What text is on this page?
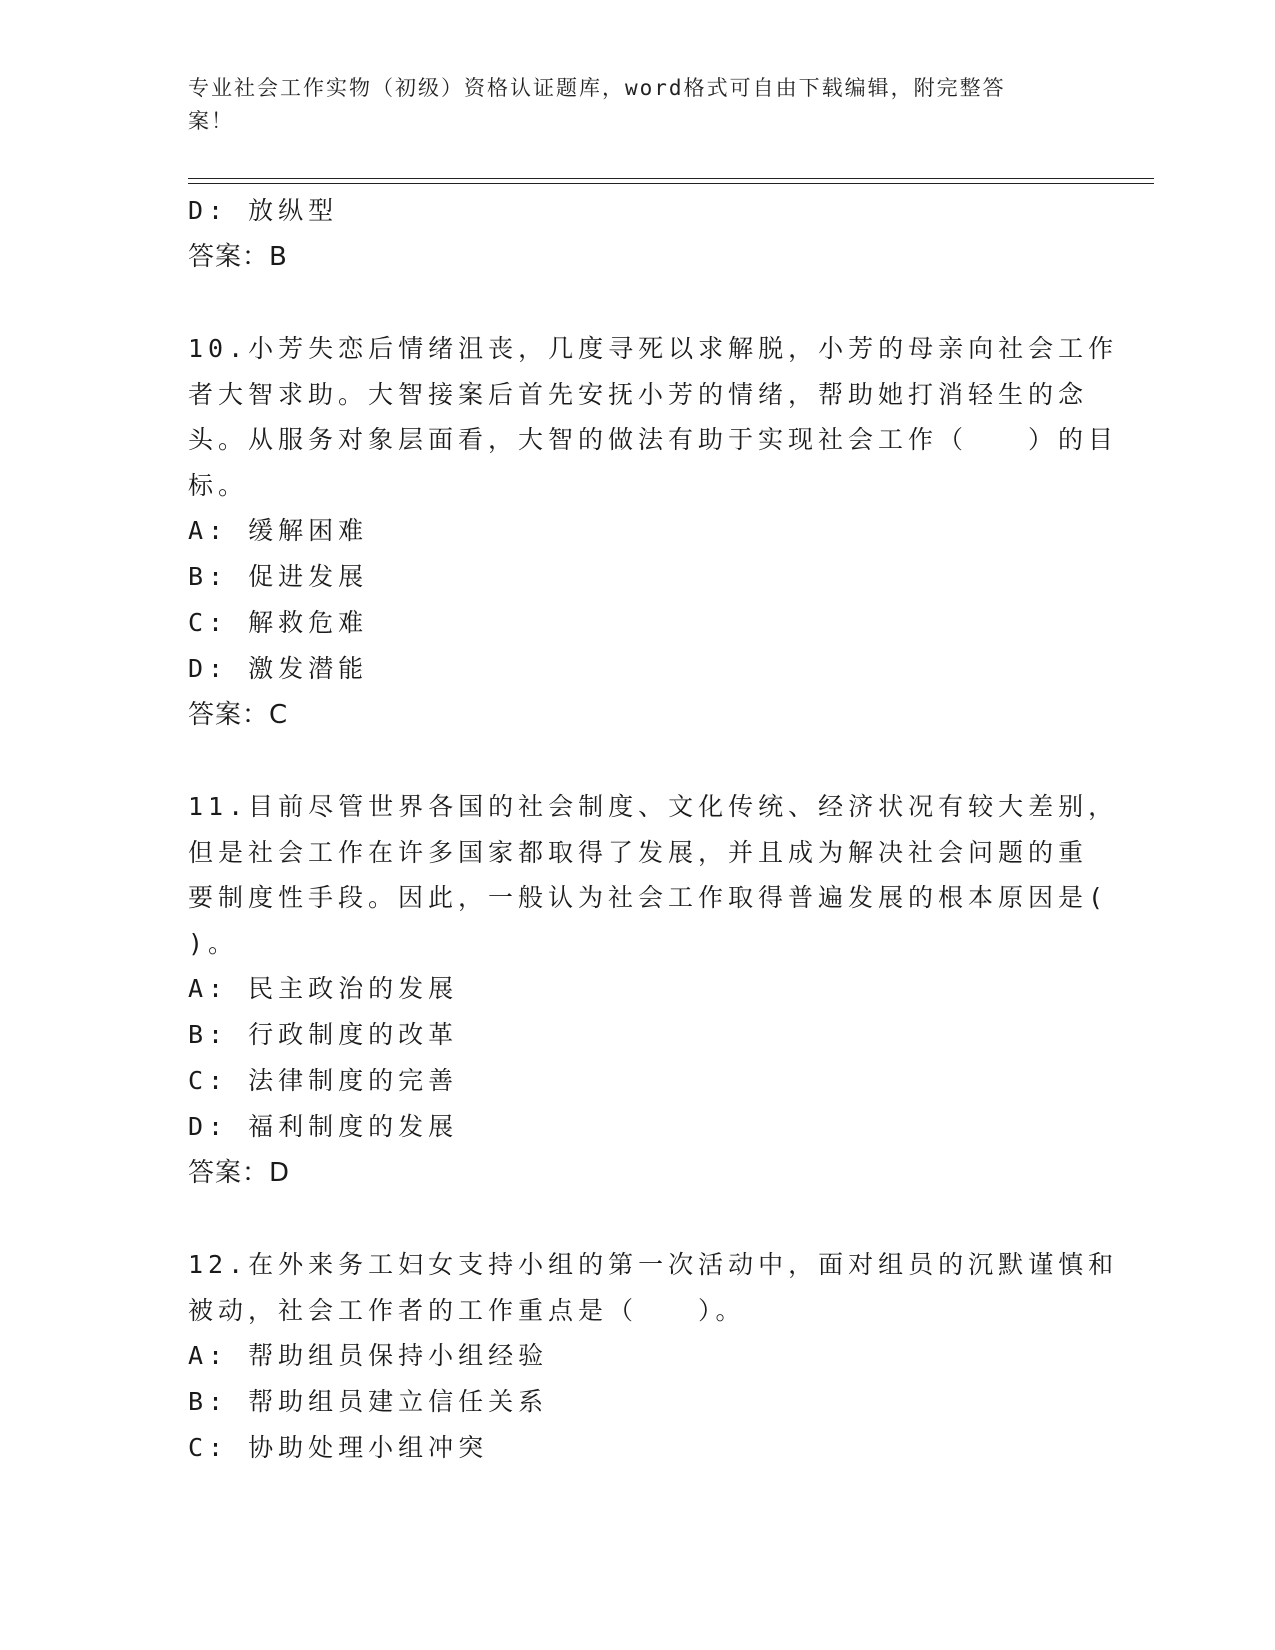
专业社会工作实物（初级）资格认证题库，word格式可自由下载编辑，附完整答
案！
D: 放纵型
答案：B
10.小芳失恋后情绪沮丧，几度寻死以求解脱，小芳的母亲向社会工作
者大智求助。大智接案后首先安抚小芳的情绪，帮助她打消轻生的念
头。从服务对象层面看，大智的做法有助于实现社会工作（　　）的目
标。
A: 缓解困难
B: 促进发展
C: 解救危难
D: 激发潜能
答案：C
11.目前尽管世界各国的社会制度、文化传统、经济状况有较大差别，
但是社会工作在许多国家都取得了发展，并且成为解决社会问题的重
要制度性手段。因此，一般认为社会工作取得普遍发展的根本原因是(
)。
A: 民主政治的发展
B: 行政制度的改革
C: 法律制度的完善
D: 福利制度的发展
答案：D
12.在外来务工妇女支持小组的第一次活动中，面对组员的沉默谨慎和
被动，社会工作者的工作重点是（　　）。
A: 帮助组员保持小组经验
B: 帮助组员建立信任关系
C: 协助处理小组冲突
